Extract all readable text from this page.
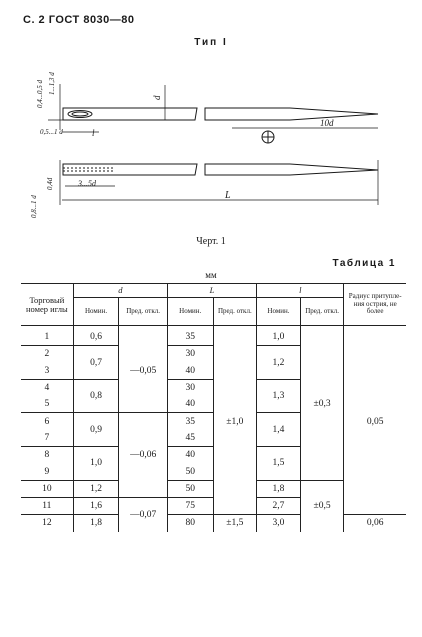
С. 2 ГОСТ 8030—80
Тип I
0,4...0,5 d 1...1,3 d
d
0,5...1 d	l
10d
0,8...1 d
0,4d	3...5d
L
Черт. 1
Таблица 1
мм
Торговый номер иглы	d		L		l		Радиус притупле-ния острия, не более
	Номин.	Пред. откл.	Номин.	Пред. откл.	Номин.	Пред. откл.	
1	0,6	—0,05	35	±1,0	1,0	±0,3	0,05
2	0,7		30		1,2		
3			40				
4	0,8		30		1,3		
5			40				
6	0,9	—0,06	35		1,4		
7			45				
8	1,0		40		1,5		
9			50				
10	1,2		50		1,8	±0,5	
11	1,6	—0,07	75		2,7		
12	1,8		80	±1,5	3,0		0,06
